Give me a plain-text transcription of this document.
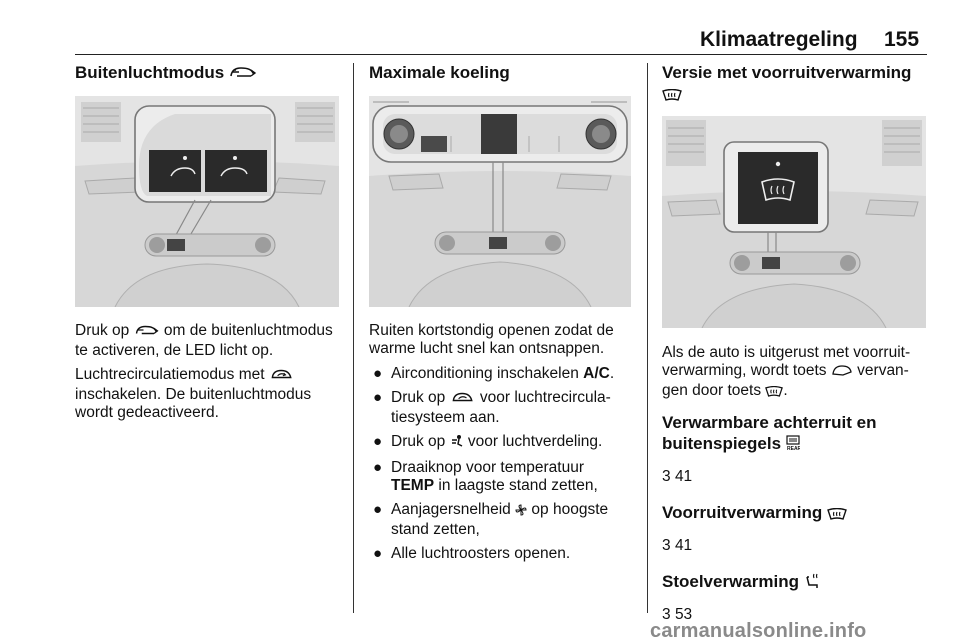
Klimaatregeling 155
Buitenluchtmodus

Druk op om de buitenluchtmodus te activeren, de LED licht op.

Luchtrecirculatiemodus met  inschakelen. De buitenluchtmodus wordt gedeactiveerd.

Maximale koeling

Ruiten kortstondig openen zodat de warme lucht snel kan ontsnappen.

● Airconditioning inschakelen A/C.
● Druk op voor luchtrecircula-tiesysteem aan.
● Druk op voor luchtverdeling.
● Draaiknop voor temperatuur
TEMP in laagste stand zetten,
● Aanjagersnelheid op hoogste stand zetten,
● Alle luchtroosters openen.
Versie met voorruitverwarming

Als de auto is uitgerust met voorruit-verwarming, wordt toets vervan-gen door toets .

Verwarmbare achterruit en buitenspiegels REAR

3 41

Voorruitverwarming

3 41

Stoelverwarming

3 53

carmanualsonline.info
